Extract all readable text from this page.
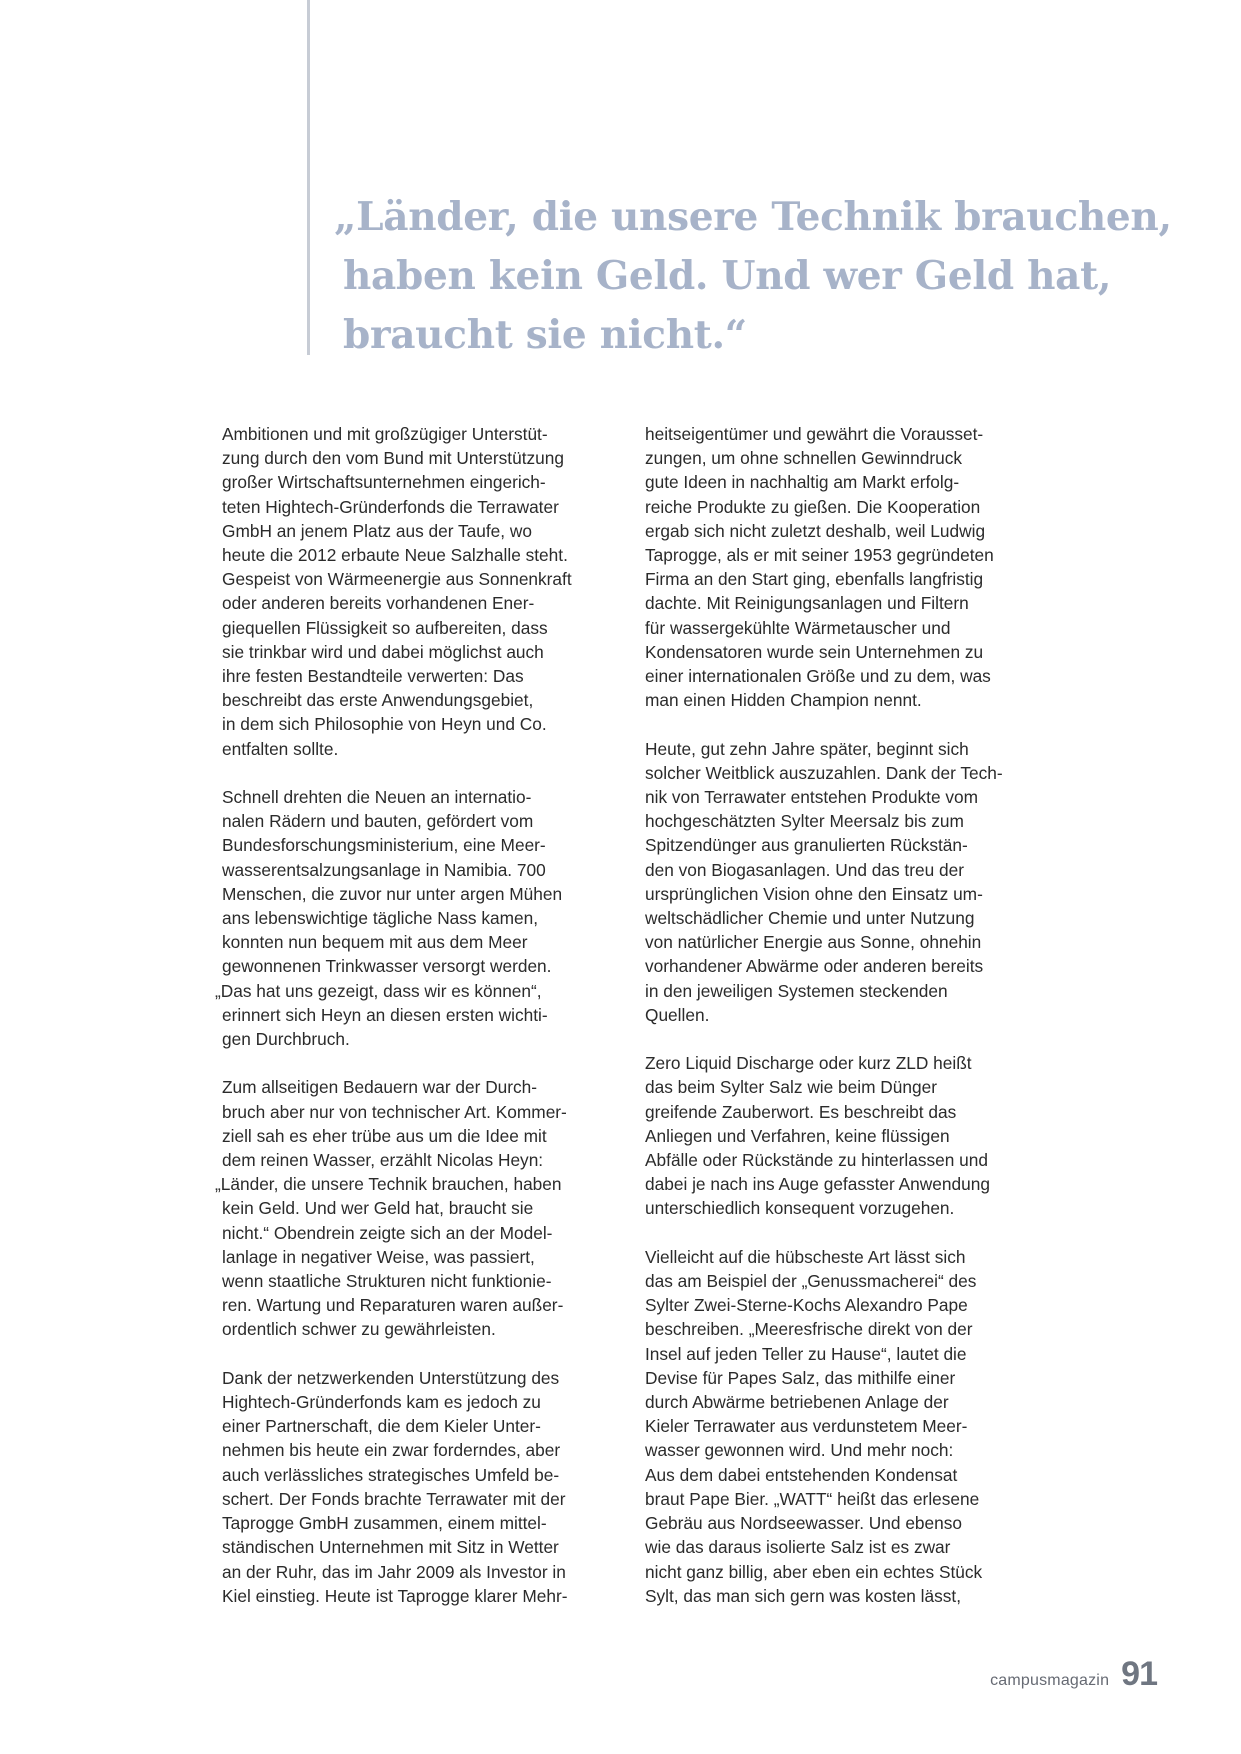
„Länder, die unsere Technik brauchen,
haben kein Geld. Und wer Geld hat,
braucht sie nicht.“

Ambitionen und mit großzügiger Unterstüt-
zung durch den vom Bund mit Unterstützung
großer Wirtschaftsunternehmen eingerich-
teten Hightech-Gründerfonds die Terrawater
GmbH an jenem Platz aus der Taufe, wo
heute die 2012 erbaute Neue Salzhalle steht.
Gespeist von Wärmeenergie aus Sonnenkraft
oder anderen bereits vorhandenen Ener-
giequellen Flüssigkeit so aufbereiten, dass
sie trinkbar wird und dabei möglichst auch
ihre festen Bestandteile verwerten: Das
beschreibt das erste Anwendungsgebiet,
in dem sich Philosophie von Heyn und Co.
entfalten sollte.

Schnell drehten die Neuen an internatio-
nalen Rädern und bauten, gefördert vom
Bundesforschungsministerium, eine Meer-
wasserentsalzungsanlage in Namibia. 700
Menschen, die zuvor nur unter argen Mühen
ans lebenswichtige tägliche Nass kamen,
konnten nun bequem mit aus dem Meer
gewonnenen Trinkwasser versorgt werden.
„Das hat uns gezeigt, dass wir es können“,
erinnert sich Heyn an diesen ersten wichti-
gen Durchbruch.

Zum allseitigen Bedauern war der Durch-
bruch aber nur von technischer Art. Kommer-
ziell sah es eher trübe aus um die Idee mit
dem reinen Wasser, erzählt Nicolas Heyn:
„Länder, die unsere Technik brauchen, haben
kein Geld. Und wer Geld hat, braucht sie
nicht.“ Obendrein zeigte sich an der Model-
lanlage in negativer Weise, was passiert,
wenn staatliche Strukturen nicht funktionie-
ren. Wartung und Reparaturen waren außer-
ordentlich schwer zu gewährleisten.

Dank der netzwerkenden Unterstützung des
Hightech-Gründerfonds kam es jedoch zu
einer Partnerschaft, die dem Kieler Unter-
nehmen bis heute ein zwar forderndes, aber
auch verlässliches strategisches Umfeld be-
schert. Der Fonds brachte Terrawater mit der
Taprogge GmbH zusammen, einem mittel-
ständischen Unternehmen mit Sitz in Wetter
an der Ruhr, das im Jahr 2009 als Investor in
Kiel einstieg. Heute ist Taprogge klarer Mehr-

heitseigentümer und gewährt die Vorausset-
zungen, um ohne schnellen Gewinndruck
gute Ideen in nachhaltig am Markt erfolg-
reiche Produkte zu gießen. Die Kooperation
ergab sich nicht zuletzt deshalb, weil Ludwig
Taprogge, als er mit seiner 1953 gegründeten
Firma an den Start ging, ebenfalls langfristig
dachte. Mit Reinigungsanlagen und Filtern
für wassergekühlte Wärmetauscher und
Kondensatoren wurde sein Unternehmen zu
einer internationalen Größe und zu dem, was
man einen Hidden Champion nennt.

Heute, gut zehn Jahre später, beginnt sich
solcher Weitblick auszuzahlen. Dank der Tech-
nik von Terrawater entstehen Produkte vom
hochgeschätzten Sylter Meersalz bis zum
Spitzendünger aus granulierten Rückstän-
den von Biogasanlagen. Und das treu der
ursprünglichen Vision ohne den Einsatz um-
weltschädlicher Chemie und unter Nutzung
von natürlicher Energie aus Sonne, ohnehin
vorhandener Abwärme oder anderen bereits
in den jeweiligen Systemen steckenden
Quellen.

Zero Liquid Discharge oder kurz ZLD heißt
das beim Sylter Salz wie beim Dünger
greifende Zauberwort. Es beschreibt das
Anliegen und Verfahren, keine flüssigen
Abfälle oder Rückstände zu hinterlassen und
dabei je nach ins Auge gefasster Anwendung
unterschiedlich konsequent vorzugehen.

Vielleicht auf die hübscheste Art lässt sich
das am Beispiel der „Genussmacherei“ des
Sylter Zwei-Sterne-Kochs Alexandro Pape
beschreiben. „Meeresfrische direkt von der
Insel auf jeden Teller zu Hause“, lautet die
Devise für Papes Salz, das mithilfe einer
durch Abwärme betriebenen Anlage der
Kieler Terrawater aus verdunstetem Meer-
wasser gewonnen wird. Und mehr noch:
Aus dem dabei entstehenden Kondensat
braut Pape Bier. „WATT“ heißt das erlesene
Gebräu aus Nordseewasser. Und ebenso
wie das daraus isolierte Salz ist es zwar
nicht ganz billig, aber eben ein echtes Stück
Sylt, das man sich gern was kosten lässt,

campusmagazin 91
